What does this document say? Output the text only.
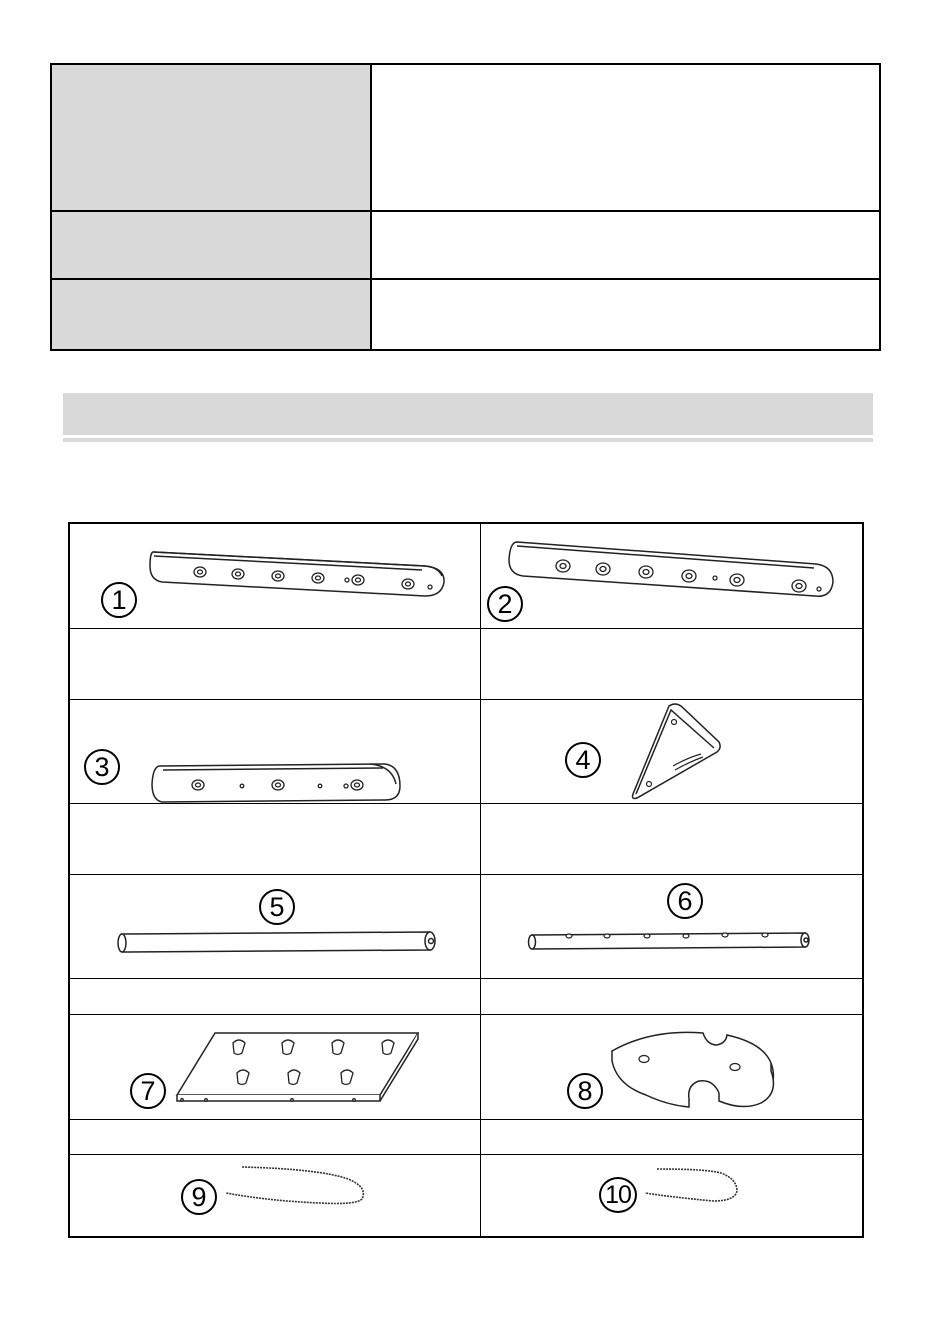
1	2
3	4
5	6
7	8
9	10
